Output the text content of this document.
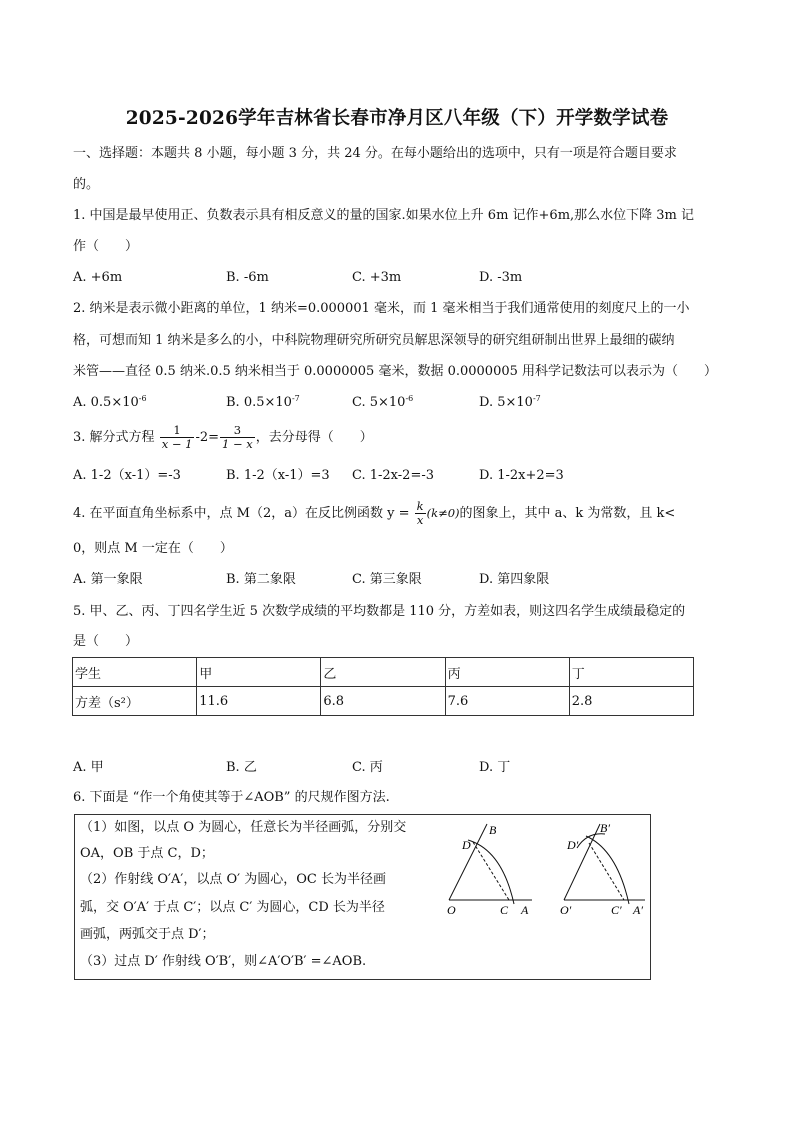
2025-2026学年吉林省长春市净月区八年级（下）开学数学试卷
一、选择题：本题共 8 小题，每小题 3 分，共 24 分。在每小题给出的选项中，只有一项是符合题目要求
的。
1. 中国是最早使用正、负数表示具有相反意义的量的国家.如果水位上升 6m 记作+6m,那么水位下降 3m 记
作（　　）
A. +6m	B. -6m	C. +3m	D. -3m
2. 纳米是表示微小距离的单位，1 纳米=0.000001 毫米，而 1 毫米相当于我们通常使用的刻度尺上的一小
格，可想而知 1 纳米是多么的小，中科院物理研究所研究员解思深领导的研究组研制出世界上最细的碳纳
米管——直径 0.5 纳米.0.5 纳米相当于 0.0000005 毫米，数据 0.0000005 用科学记数法可以表示为（　　）
A. $0.5\times 10^{-6}$	B. $0.5\times 10^{-7}$	C. $5\times 10^{-6}$	D. $5\times 10^{-7}$
3. 解分式方程 $\frac{1}{x - 1} -2= \frac{3}{1 - x}$ ，去分母得（　　）
A. 1-2（x-1）=-3	B. 1-2（x-1）=3 C. 1-2x-2=-3	D. 1-2x+2=3
4. 在平面直角坐标系中，点 M（2，a）在反比例函数 $y = \frac{k}{x} (k\ne 0)$的图象上，其中 a、k 为常数，且 k<
0，则点 M 一定在（　　）
A. 第一象限	B. 第二象限	C. 第三象限	D. 第四象限
5. 甲、乙、丙、丁四名学生近 5 次数学成绩的平均数都是 110 分，方差如表，则这四名学生成绩最稳定的
是（　　）
学生	甲	乙	丙	丁
方差（s²）	11.6	6.8	7.6	2.8
A. 甲	B. 乙	C. 丙	D. 丁
6. 下面是 “作一个角使其等于∠AOB” 的尺规作图方法.
（1）如图，以点 O 为圆心，任意长为半径画弧，分别交
OA，OB 于点 C，D；
（2）作射线 O′A′，以点 O′ 为圆心，OC 长为半径画
弧，交 O′A′ 于点 C′；以点 C′ 为圆心，CD 长为半径
画弧，两弧交于点 D′；
（3）过点 D′ 作射线 O′B′，则∠A′O′B′ =∠AOB.
B
D
O	C A
B′
D′
O′	C′ A′
